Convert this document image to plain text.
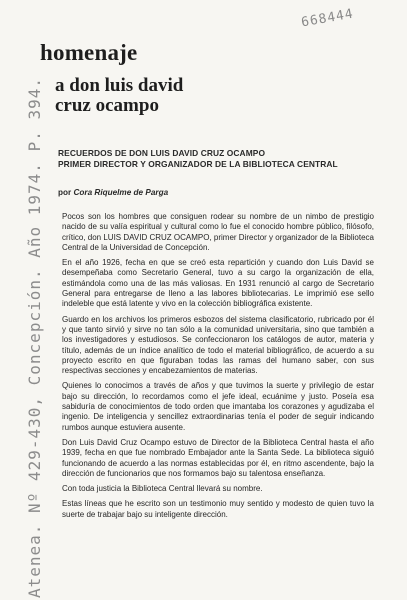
668444
Atenea. Nº 429-430, Concepción. Año 1974. P. 394.
homenaje
a don luis david
cruz ocampo
RECUERDOS DE DON LUIS DAVID CRUZ OCAMPO
PRIMER DIRECTOR Y ORGANIZADOR DE LA BIBLIOTECA CENTRAL
por Cora Riquelme de Parga

Pocos son los hombres que consiguen rodear su nombre de un nimbo de prestigio nacido de su valía espiritual y cultural como lo fue el conocido hombre público, filósofo, crítico, don LUIS DAVID CRUZ OCAMPO, primer Director y organizador de la Biblioteca Central de la Universidad de Concepción.

En el año 1926, fecha en que se creó esta repartición y cuando don Luis David se desempeñaba como Secretario General, tuvo a su cargo la organización de ella, estimándola como una de las más valiosas. En 1931 renunció al cargo de Secretario General para entregarse de lleno a las labores bibliotecarias. Le imprimió ese sello indeleble que está latente y vivo en la colección bibliográfica existente.

Guardo en los archivos los primeros esbozos del sistema clasificatorio, rubricado por él y que tanto sirvió y sirve no tan sólo a la comunidad universitaria, sino que también a los investigadores y estudiosos. Se confeccionaron los catálogos de autor, materia y título, además de un índice analítico de todo el material bibliográfico, de acuerdo a su proyecto escrito en que figuraban todas las ramas del humano saber, con sus respectivas secciones y encabezamientos de materias.

Quienes lo conocimos a través de años y que tuvimos la suerte y privilegio de estar bajo su dirección, lo recordamos como el jefe ideal, ecuánime y justo. Poseía esa sabiduría de conocimientos de todo orden que imantaba los corazones y agudizaba el ingenio. De inteligencia y sencillez extraordinarias tenía el poder de seguir indicando rumbos aunque estuviera ausente.

Don Luis David Cruz Ocampo estuvo de Director de la Biblioteca Central hasta el año 1939, fecha en que fue nombrado Embajador ante la Santa Sede. La biblioteca siguió funcionando de acuerdo a las normas establecidas por él, en ritmo ascendente, bajo la dirección de funcionarios que nos formamos bajo su talentosa enseñanza.

Con toda justicia la Biblioteca Central llevará su nombre.

Estas líneas que he escrito son un testimonio muy sentido y modesto de quien tuvo la suerte de trabajar bajo su inteligente dirección.
